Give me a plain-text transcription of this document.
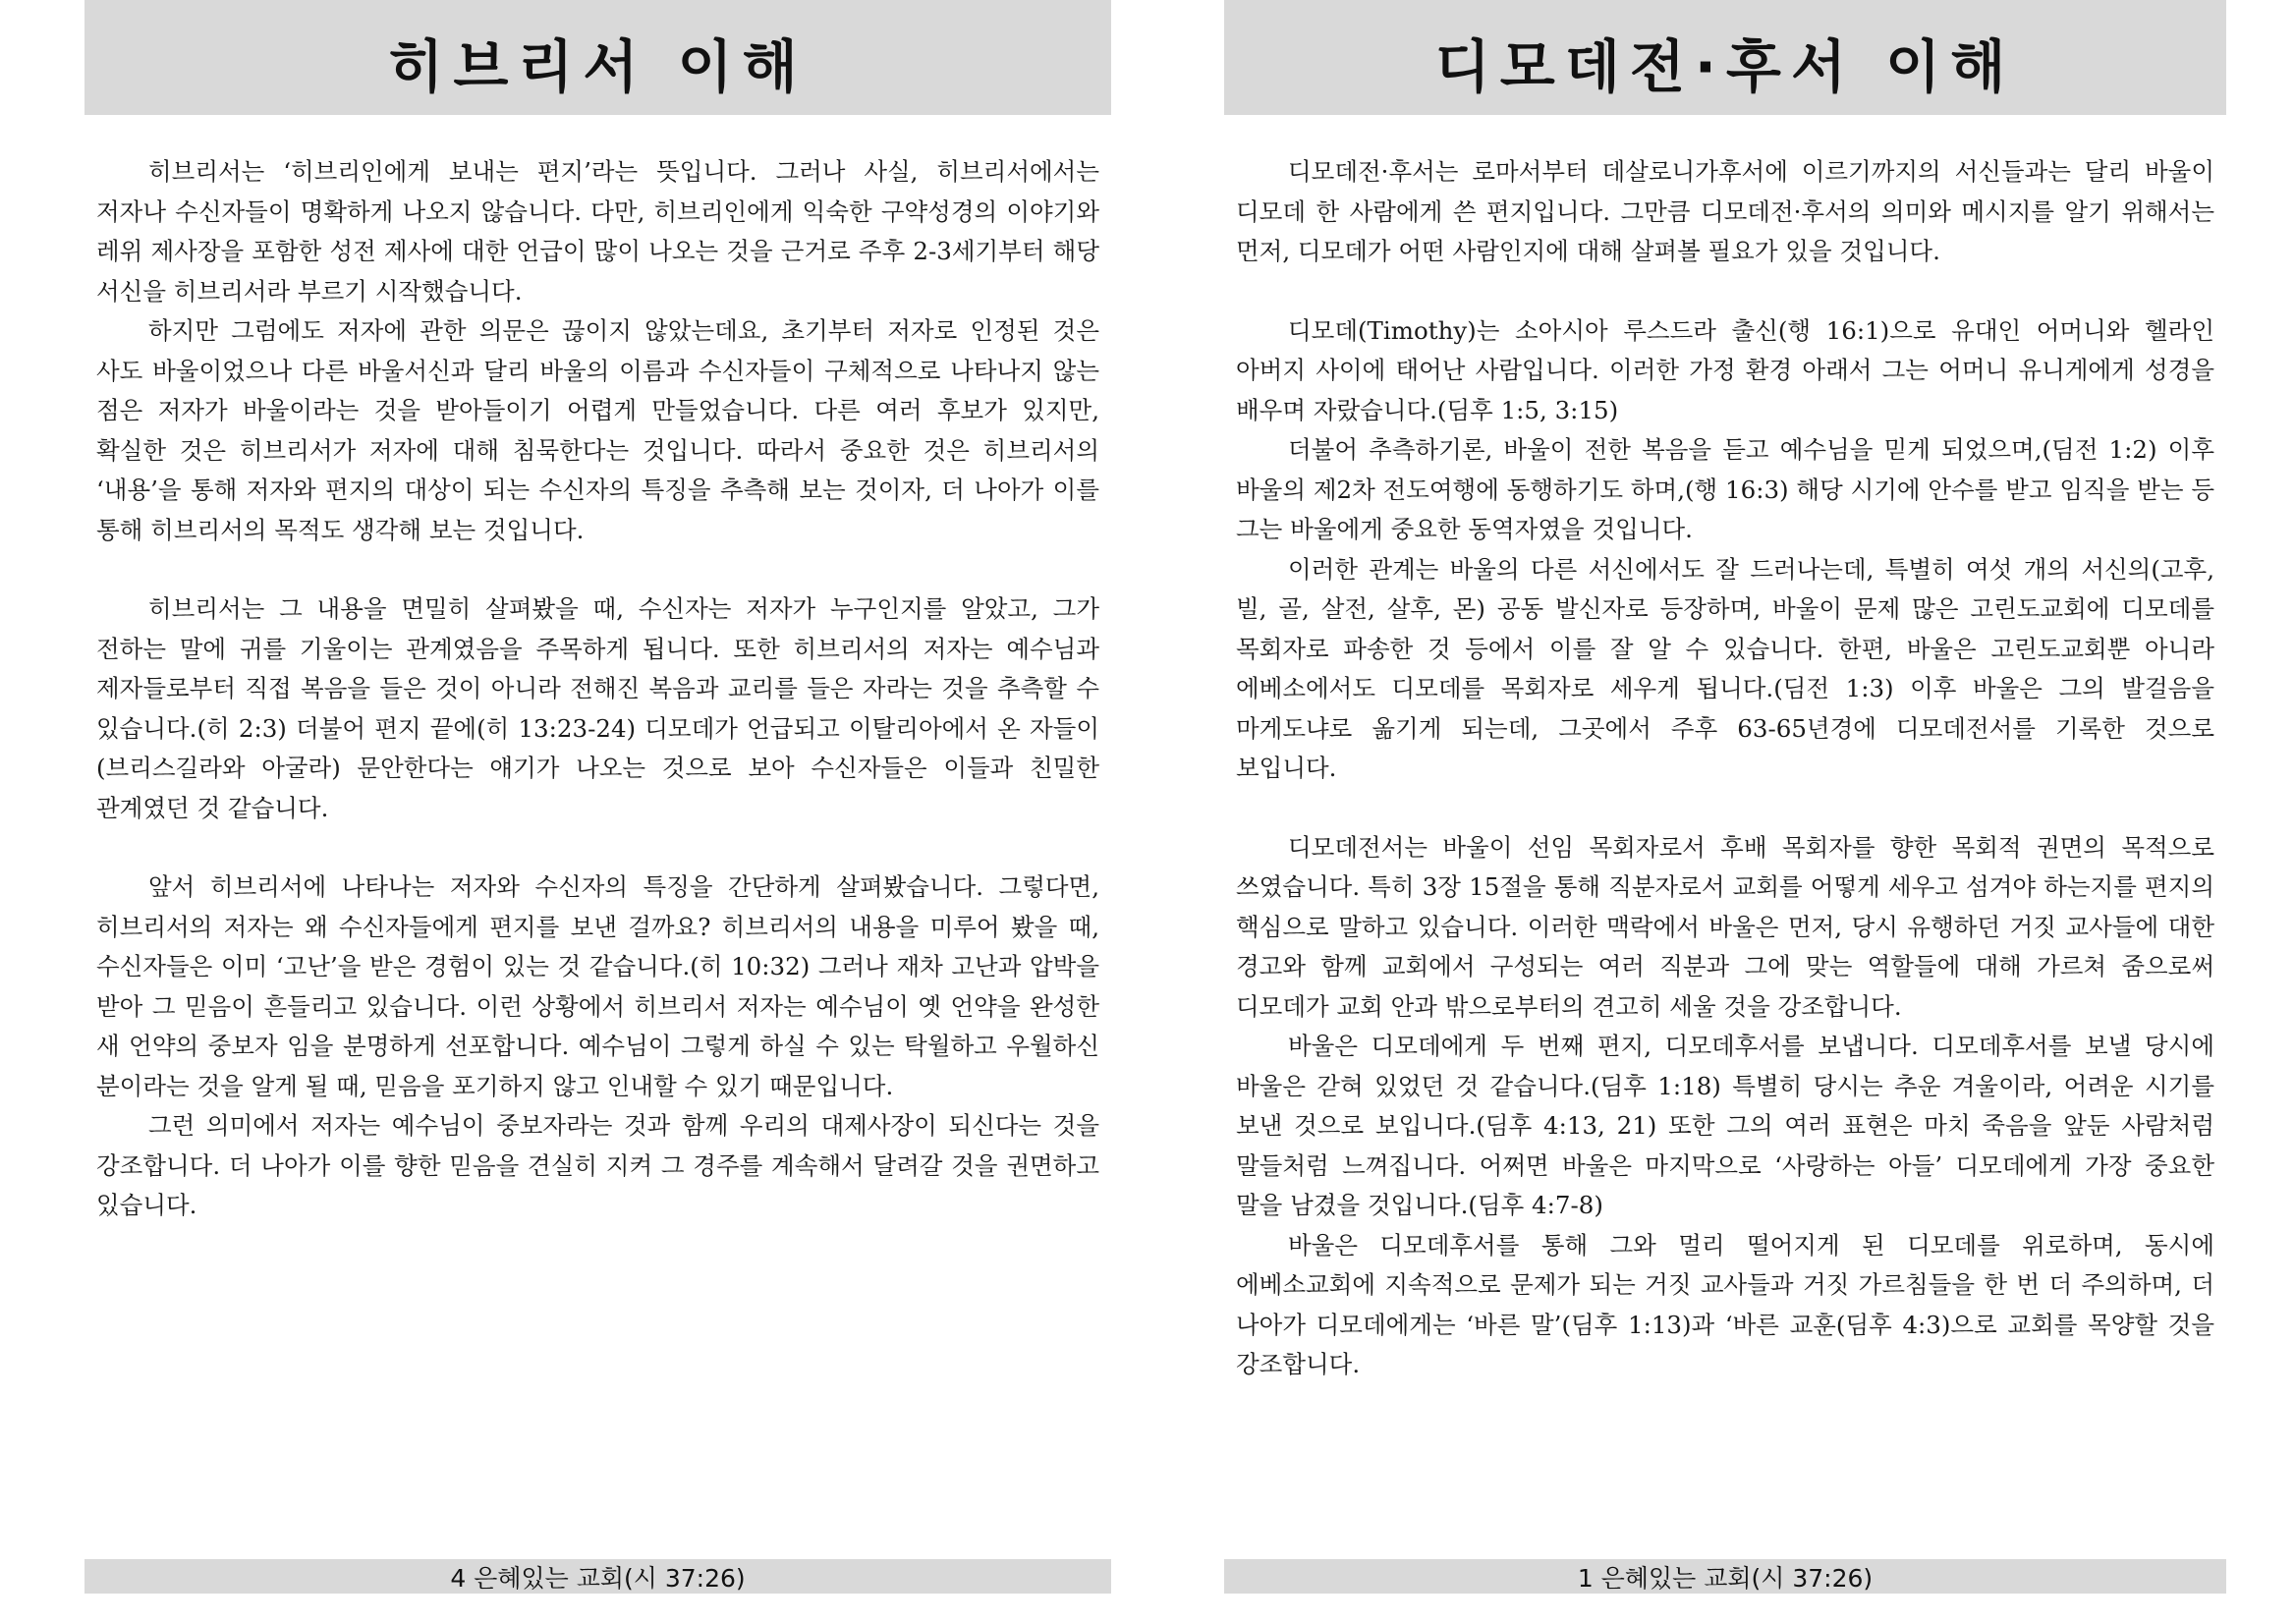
히브리서 이해

히브리서는 ‘히브리인에게 보내는 편지’라는 뜻입니다. 그러나 사실, 히브리서에서는 저자나 수신자들이 명확하게 나오지 않습니다. 다만, 히브리인에게 익숙한 구약성경의 이야기와 레위 제사장을 포함한 성전 제사에 대한 언급이 많이 나오는 것을 근거로 주후 2-3세기부터 해당 서신을 히브리서라 부르기 시작했습니다.

하지만 그럼에도 저자에 관한 의문은 끊이지 않았는데요, 초기부터 저자로 인정된 것은 사도 바울이었으나 다른 바울서신과 달리 바울의 이름과 수신자들이 구체적으로 나타나지 않는 점은 저자가 바울이라는 것을 받아들이기 어렵게 만들었습니다. 다른 여러 후보가 있지만, 확실한 것은 히브리서가 저자에 대해 침묵한다는 것입니다. 따라서 중요한 것은 히브리서의 ‘내용’을 통해 저자와 편지의 대상이 되는 수신자의 특징을 추측해 보는 것이자, 더 나아가 이를 통해 히브리서의 목적도 생각해 보는 것입니다.

히브리서는 그 내용을 면밀히 살펴봤을 때, 수신자는 저자가 누구인지를 알았고, 그가 전하는 말에 귀를 기울이는 관계였음을 주목하게 됩니다. 또한 히브리서의 저자는 예수님과 제자들로부터 직접 복음을 들은 것이 아니라 전해진 복음과 교리를 들은 자라는 것을 추측할 수 있습니다.(히 2:3) 더불어 편지 끝에(히 13:23-24) 디모데가 언급되고 이탈리아에서 온 자들이(브리스길라와 아굴라) 문안한다는 얘기가 나오는 것으로 보아 수신자들은 이들과 친밀한 관계였던 것 같습니다.

앞서 히브리서에 나타나는 저자와 수신자의 특징을 간단하게 살펴봤습니다. 그렇다면, 히브리서의 저자는 왜 수신자들에게 편지를 보낸 걸까요? 히브리서의 내용을 미루어 봤을 때, 수신자들은 이미 ‘고난’을 받은 경험이 있는 것 같습니다.(히 10:32) 그러나 재차 고난과 압박을 받아 그 믿음이 흔들리고 있습니다. 이런 상황에서 히브리서 저자는 예수님이 옛 언약을 완성한 새 언약의 중보자 임을 분명하게 선포합니다. 예수님이 그렇게 하실 수 있는 탁월하고 우월하신 분이라는 것을 알게 될 때, 믿음을 포기하지 않고 인내할 수 있기 때문입니다.

그런 의미에서 저자는 예수님이 중보자라는 것과 함께 우리의 대제사장이 되신다는 것을 강조합니다. 더 나아가 이를 향한 믿음을 견실히 지켜 그 경주를 계속해서 달려갈 것을 권면하고 있습니다.

4 은혜있는 교회(시 37:26)
디모데전·후서 이해

디모데전·후서는 로마서부터 데살로니가후서에 이르기까지의 서신들과는 달리 바울이 디모데 한 사람에게 쓴 편지입니다. 그만큼 디모데전·후서의 의미와 메시지를 알기 위해서는 먼저, 디모데가 어떤 사람인지에 대해 살펴볼 필요가 있을 것입니다.

디모데(Timothy)는 소아시아 루스드라 출신(행 16:1)으로 유대인 어머니와 헬라인 아버지 사이에 태어난 사람입니다. 이러한 가정 환경 아래서 그는 어머니 유니게에게 성경을 배우며 자랐습니다.(딤후 1:5, 3:15)

더불어 추측하기론, 바울이 전한 복음을 듣고 예수님을 믿게 되었으며,(딤전 1:2) 이후 바울의 제2차 전도여행에 동행하기도 하며,(행 16:3) 해당 시기에 안수를 받고 임직을 받는 등 그는 바울에게 중요한 동역자였을 것입니다.

이러한 관계는 바울의 다른 서신에서도 잘 드러나는데, 특별히 여섯 개의 서신의(고후, 빌, 골, 살전, 살후, 몬) 공동 발신자로 등장하며, 바울이 문제 많은 고린도교회에 디모데를 목회자로 파송한 것 등에서 이를 잘 알 수 있습니다. 한편, 바울은 고린도교회뿐 아니라 에베소에서도 디모데를 목회자로 세우게 됩니다.(딤전 1:3) 이후 바울은 그의 발걸음을 마게도냐로 옮기게 되는데, 그곳에서 주후 63-65년경에 디모데전서를 기록한 것으로 보입니다.

디모데전서는 바울이 선임 목회자로서 후배 목회자를 향한 목회적 권면의 목적으로 쓰였습니다. 특히 3장 15절을 통해 직분자로서 교회를 어떻게 세우고 섬겨야 하는지를 편지의 핵심으로 말하고 있습니다. 이러한 맥락에서 바울은 먼저, 당시 유행하던 거짓 교사들에 대한 경고와 함께 교회에서 구성되는 여러 직분과 그에 맞는 역할들에 대해 가르쳐 줌으로써 디모데가 교회 안과 밖으로부터의 견고히 세울 것을 강조합니다.

바울은 디모데에게 두 번째 편지, 디모데후서를 보냅니다. 디모데후서를 보낼 당시에 바울은 갇혀 있었던 것 같습니다.(딤후 1:18) 특별히 당시는 추운 겨울이라, 어려운 시기를 보낸 것으로 보입니다.(딤후 4:13, 21) 또한 그의 여러 표현은 마치 죽음을 앞둔 사람처럼 말들처럼 느껴집니다. 어쩌면 바울은 마지막으로 ‘사랑하는 아들’ 디모데에게 가장 중요한 말을 남겼을 것입니다.(딤후 4:7-8)

바울은 디모데후서를 통해 그와 멀리 떨어지게 된 디모데를 위로하며, 동시에 에베소교회에 지속적으로 문제가 되는 거짓 교사들과 거짓 가르침들을 한 번 더 주의하며, 더 나아가 디모데에게는 ‘바른 말’(딤후 1:13)과 ‘바른 교훈(딤후 4:3)으로 교회를 목양할 것을 강조합니다.

1 은혜있는 교회(시 37:26)
